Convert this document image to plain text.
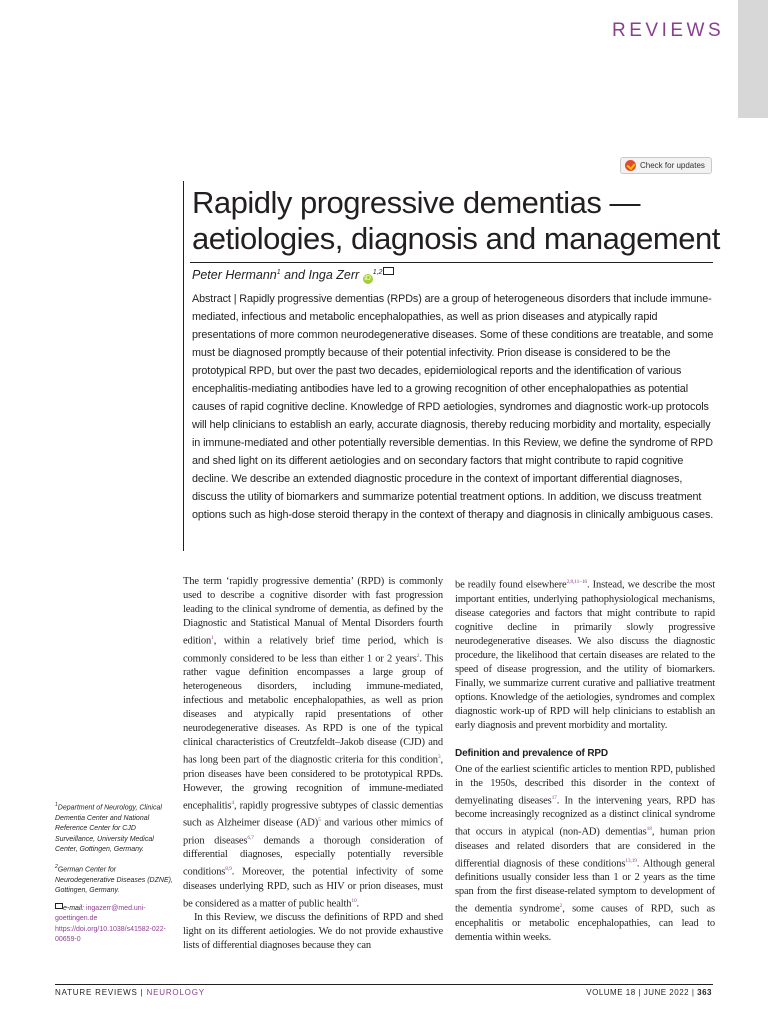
REVIEWS
Check for updates
Rapidly progressive dementias — aetiologies, diagnosis and management
Peter Hermann$^1$ and Inga Zerr iD$^{1,2}$

Abstract | Rapidly progressive dementias (RPDs) are a group of heterogeneous disorders that include immune-mediated, infectious and metabolic encephalopathies, as well as prion diseases and atypically rapid presentations of more common neurodegenerative diseases. Some of these conditions are treatable, and some must be diagnosed promptly because of their potential infectivity. Prion disease is considered to be the prototypical RPD, but over the past two decades, epidemiological reports and the identification of various encephalitis-mediating antibodies have led to a growing recognition of other encephalopathies as potential causes of rapid cognitive decline. Knowledge of RPD aetiologies, syndromes and diagnostic work-up protocols will help clinicians to establish an early, accurate diagnosis, thereby reducing morbidity and mortality, especially in immune-mediated and other potentially reversible dementias. In this Review, we define the syndrome of RPD and shed light on its different aetiologies and on secondary factors that might contribute to rapid cognitive decline. We describe an extended diagnostic procedure in the context of important differential diagnoses, discuss the utility of biomarkers and summarize potential treatment options. In addition, we discuss treatment options such as high-dose steroid therapy in the context of therapy and diagnosis in clinically ambiguous cases.

The term ‘rapidly progressive dementia’ (RPD) is commonly used to describe a cognitive disorder with fast progression leading to the clinical syndrome of dementia, as defined by the Diagnostic and Statistical Manual of Mental Disorders fourth edition$^1$, within a relatively brief time period, which is commonly considered to be less than either 1 or 2 years$^2$. This rather vague definition encompasses a large group of heterogeneous disorders, including immune-mediated, infectious and metabolic encephalopathies, as well as prion diseases and atypically rapid presentations of other neurodegenerative diseases. As RPD is one of the typical clinical characteristics of Creutzfeldt–Jakob disease (CJD) and has long been part of the diagnostic criteria for this condition$^3$, prion diseases have been considered to be prototypical RPDs. However, the growing recognition of immune-mediated encephalitis$^4$, rapidly progressive subtypes of classic dementias such as Alzheimer disease (AD)$^5$ and various other mimics of prion diseases$^{6,7}$ demands a thorough consideration of differential diagnoses, especially potentially reversible conditions$^{8,9}$. Moreover, the potential infectivity of some diseases underlying RPD, such as HIV or prion diseases, must be considered as a matter of public health$^{10}$.

In this Review, we discuss the definitions of RPD and shed light on its different aetiologies. We do not provide exhaustive lists of differential diagnoses because they can

be readily found elsewhere$^{2,8,11-16}$. Instead, we describe the most important entities, underlying pathophysiological mechanisms, disease categories and factors that might contribute to rapid cognitive decline in primarily slowly progressive neurodegenerative diseases. We also discuss the diagnostic procedure, the likelihood that certain diseases are related to the speed of disease progression, and the utility of biomarkers. Finally, we summarize current curative and palliative treatment options. Knowledge of the aetiologies, syndromes and complex diagnostic work-up of RPD will help clinicians to establish an early diagnosis and prevent morbidity and mortality.

Definition and prevalence of RPD

One of the earliest scientific articles to mention RPD, published in the 1950s, described this disorder in the context of demyelinating diseases$^{17}$. In the intervening years, RPD has become increasingly recognized as a distinct clinical syndrome that occurs in atypical (non-AD) dementias$^{18}$, human prion diseases and related disorders that are considered in the differential diagnosis of these conditions$^{13,19}$. Although general definitions usually consider less than 1 or 2 years as the time span from the first disease-related symptom to development of the dementia syndrome$^2$, some causes of RPD, such as encephalitis or metabolic encephalopathies, can lead to dementia within weeks.

$^1$Department of Neurology, Clinical Dementia Center and National Reference Center for CJD Surveillance, University Medical Center, Gottingen, Germany.

$^2$German Center for Neurodegenerative Diseases (DZNE), Gottingen, Germany.

e-mail: ingazerr@med.uni-goettingen.de
https://doi.org/10.1038/s41582-022-00659-0

NATURE REVIEWS | NEUROLOGY	VOLUME 18 | JUNE 2022 | 363
